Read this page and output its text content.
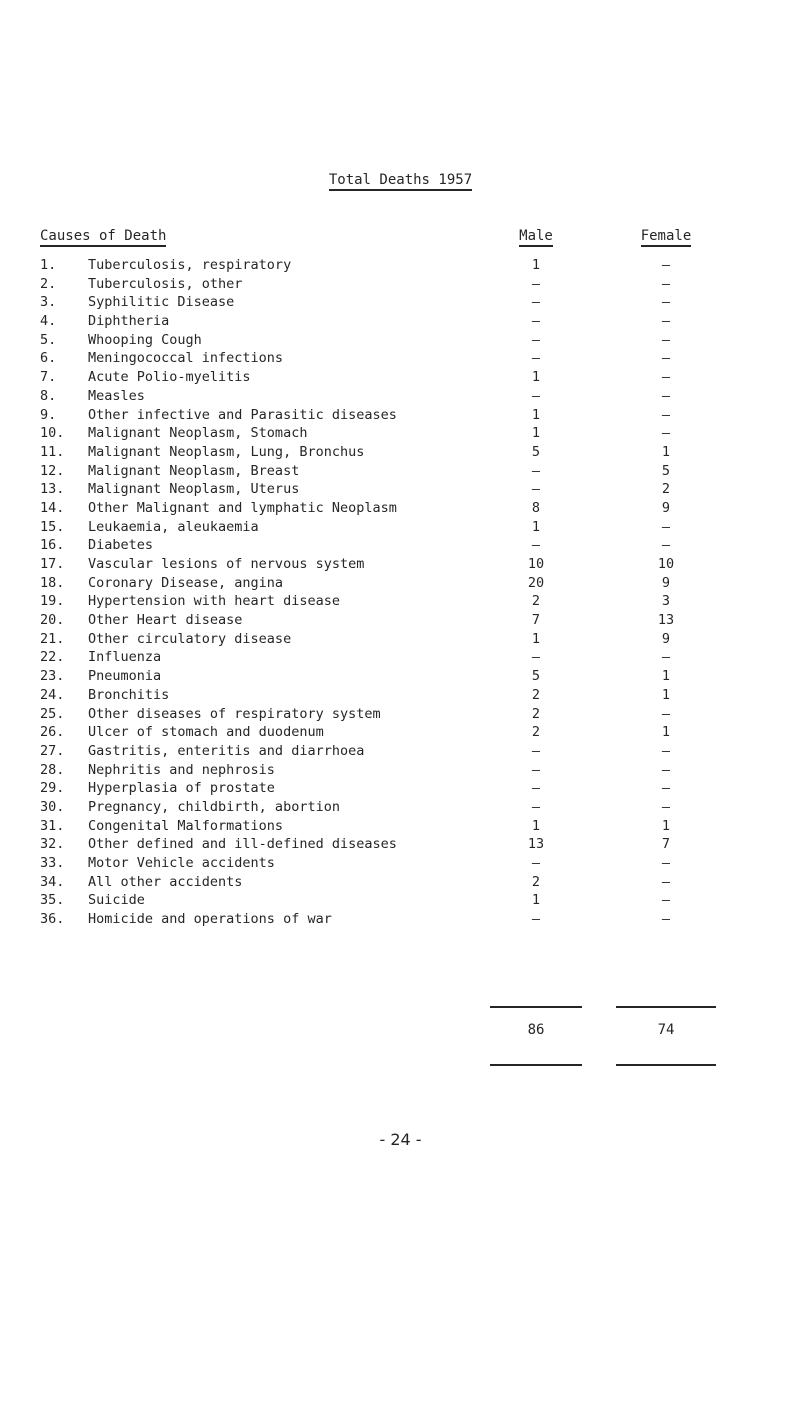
Total Deaths 1957
Causes of Death	Male	Female
1.	Tuberculosis, respiratory	1	–
2.	Tuberculosis, other	–	–
3.	Syphilitic Disease	–	–
4.	Diphtheria	–	–
5.	Whooping Cough	–	–
6.	Meningococcal infections	–	–
7.	Acute Polio-myelitis	1	–
8.	Measles	–	–
9.	Other infective and Parasitic diseases	1	–
10.	Malignant Neoplasm, Stomach	1	–
11.	Malignant Neoplasm, Lung, Bronchus	5	1
12.	Malignant Neoplasm, Breast	–	5
13.	Malignant Neoplasm, Uterus	–	2
14.	Other Malignant and lymphatic Neoplasm	8	9
15.	Leukaemia, aleukaemia	1	–
16.	Diabetes	–	–
17.	Vascular lesions of nervous system	10	10
18.	Coronary Disease, angina	20	9
19.	Hypertension with heart disease	2	3
20.	Other Heart disease	7	13
21.	Other circulatory disease	1	9
22.	Influenza	–	–
23.	Pneumonia	5	1
24.	Bronchitis	2	1
25.	Other diseases of respiratory system	2	–
26.	Ulcer of stomach and duodenum	2	1
27.	Gastritis, enteritis and diarrhoea	–	–
28.	Nephritis and nephrosis	–	–
29.	Hyperplasia of prostate	–	–
30.	Pregnancy, childbirth, abortion	–	–
31.	Congenital Malformations	1	1
32.	Other defined and ill-defined diseases	13	7
33.	Motor Vehicle accidents	–	–
34.	All other accidents	2	–
35.	Suicide	1	–
36.	Homicide and operations of war	–	–
86	74
- 24 -
